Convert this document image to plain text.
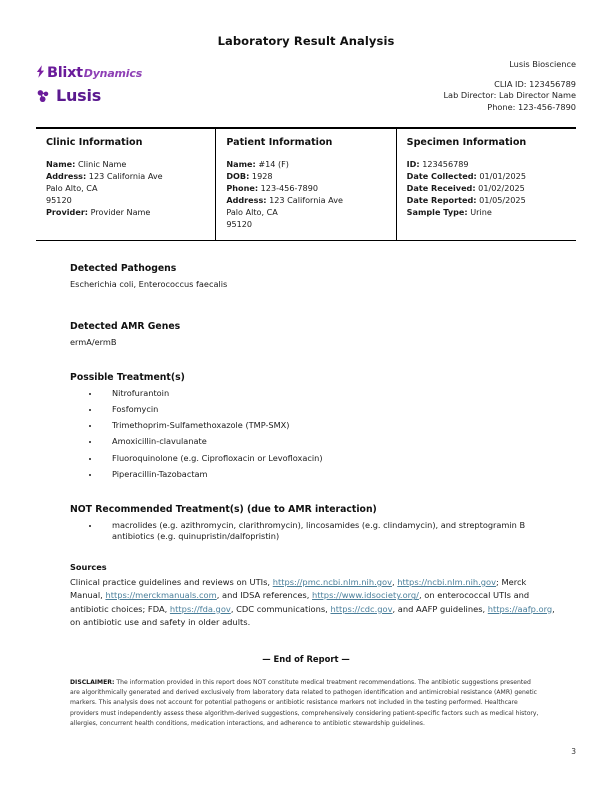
Laboratory Result Analysis
Blixt Dynamics
Lusis
Lusis Bioscience
CLIA ID: 123456789
Lab Director: Lab Director Name
Phone: 123-456-7890
Clinic Information
Name: Clinic Name
Address: 123 California Ave
Palo Alto, CA
95120
Provider: Provider Name
Patient Information
Name: #14 (F)
DOB: 1928
Phone: 123-456-7890
Address: 123 California Ave
Palo Alto, CA
95120
Specimen Information
ID: 123456789
Date Collected: 01/01/2025
Date Received: 01/02/2025
Date Reported: 01/05/2025
Sample Type: Urine
Detected Pathogens
Escherichia coli, Enterococcus faecalis
Detected AMR Genes
ermA/ermB
Possible Treatment(s)
• Nitrofurantoin
• Fosfomycin
• Trimethoprim-Sulfamethoxazole (TMP-SMX)
• Amoxicillin-clavulanate
• Fluoroquinolone (e.g. Ciprofloxacin or Levofloxacin)
• Piperacillin-Tazobactam
NOT Recommended Treatment(s) (due to AMR interaction)
• macrolides (e.g. azithromycin, clarithromycin), lincosamides (e.g. clindamycin), and streptogramin B antibiotics (e.g. quinupristin/dalfopristin)
Sources
Clinical practice guidelines and reviews on UTIs, https://pmc.ncbi.nlm.nih.gov, https://ncbi.nlm.nih.gov; Merck Manual, https://merckmanuals.com, and IDSA references, https://www.idsociety.org/, on enterococcal UTIs and antibiotic choices; FDA, https://fda.gov, CDC communications, https://cdc.gov, and AAFP guidelines, https://aafp.org, on antibiotic use and safety in older adults.
— End of Report —
DISCLAIMER: The information provided in this report does NOT constitute medical treatment recommendations. The antibiotic suggestions presented are algorithmically generated and derived exclusively from laboratory data related to pathogen identification and antimicrobial resistance (AMR) genetic markers. This analysis does not account for potential pathogens or antibiotic resistance markers not included in the testing performed. Healthcare providers must independently assess these algorithm-derived suggestions, comprehensively considering patient-specific factors such as medical history, allergies, concurrent health conditions, medication interactions, and adherence to antibiotic stewardship guidelines.
3
